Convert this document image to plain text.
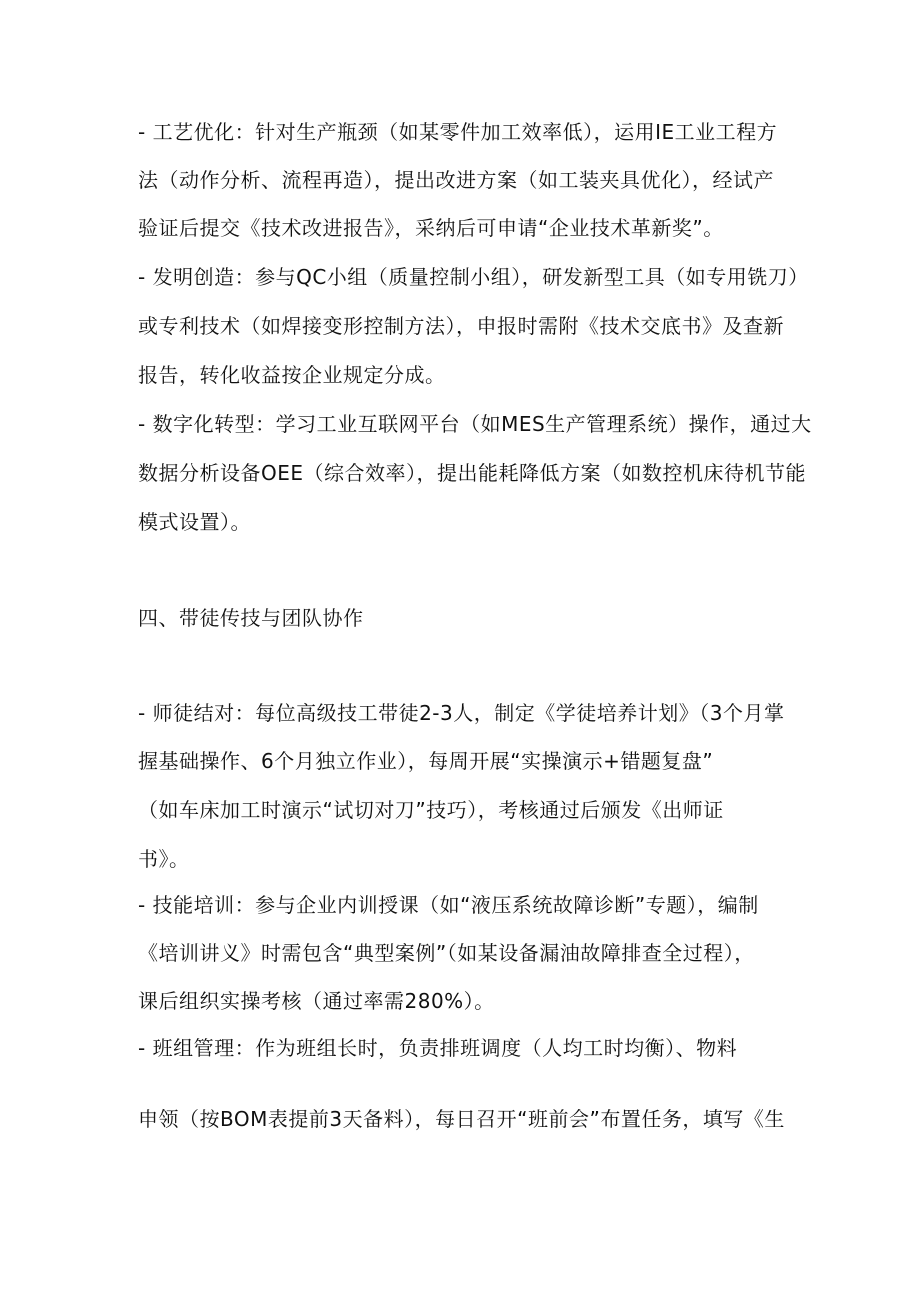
- 工艺优化：针对生产瓶颈（如某零件加工效率低），运用IE工业工程方
法（动作分析、流程再造），提出改进方案（如工装夹具优化），经试产
验证后提交《技术改进报告》，采纳后可申请“企业技术革新奖”。
- 发明创造：参与QC小组（质量控制小组），研发新型工具（如专用铣刀）
或专利技术（如焊接变形控制方法），申报时需附《技术交底书》及查新
报告，转化收益按企业规定分成。
- 数字化转型：学习工业互联网平台（如MES生产管理系统）操作，通过大
数据分析设备OEE（综合效率），提出能耗降低方案（如数控机床待机节能
模式设置）。
四、带徒传技与团队协作
- 师徒结对：每位高级技工带徒2-3人，制定《学徒培养计划》（3个月掌
握基础操作、6个月独立作业），每周开展“实操演示+错题复盘”
（如车床加工时演示“试切对刀”技巧），考核通过后颁发《出师证
书》。
- 技能培训：参与企业内训授课（如“液压系统故障诊断”专题），编制
《培训讲义》时需包含“典型案例”（如某设备漏油故障排查全过程），
课后组织实操考核（通过率需280%）。
- 班组管理：作为班组长时，负责排班调度（人均工时均衡）、物料
申领（按BOM表提前3天备料），每日召开“班前会”布置任务，填写《生
